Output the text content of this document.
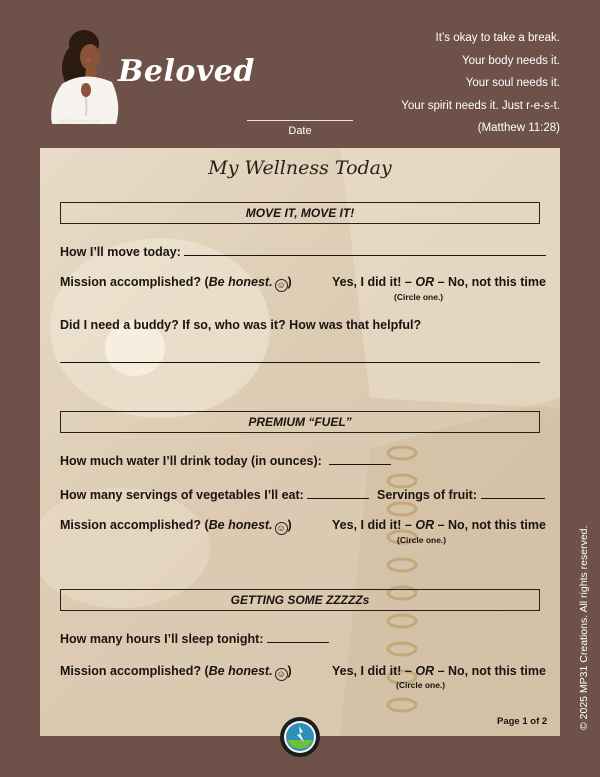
Beloved
mp31creations.com
Date
It’s okay to take a break.
Your body needs it.
Your soul needs it.
Your spirit needs it. Just r-e-s-t.
(Matthew 11:28)
My Wellness Today
MOVE IT, MOVE IT!
How I’ll move today:
Mission accomplished? (Be honest. ☺ )	Yes, I did it! – OR – No, not this time
(Circle one.)
Did I need a buddy? If so, who was it? How was that helpful?
PREMIUM “FUEL”
How much water I’ll drink today (in ounces):
How many servings of vegetables I’ll eat:	Servings of fruit:
Mission accomplished? (Be honest. ☺ )	Yes, I did it! – OR – No, not this time
(Circle one.)
GETTING SOME ZZZZZs
How many hours I’ll sleep tonight:
Mission accomplished? (Be honest. ☺ )	Yes, I did it! – OR – No, not this time
(Circle one.)
Page 1 of 2	© 2025 MP31 Creations. All rights reserved.
